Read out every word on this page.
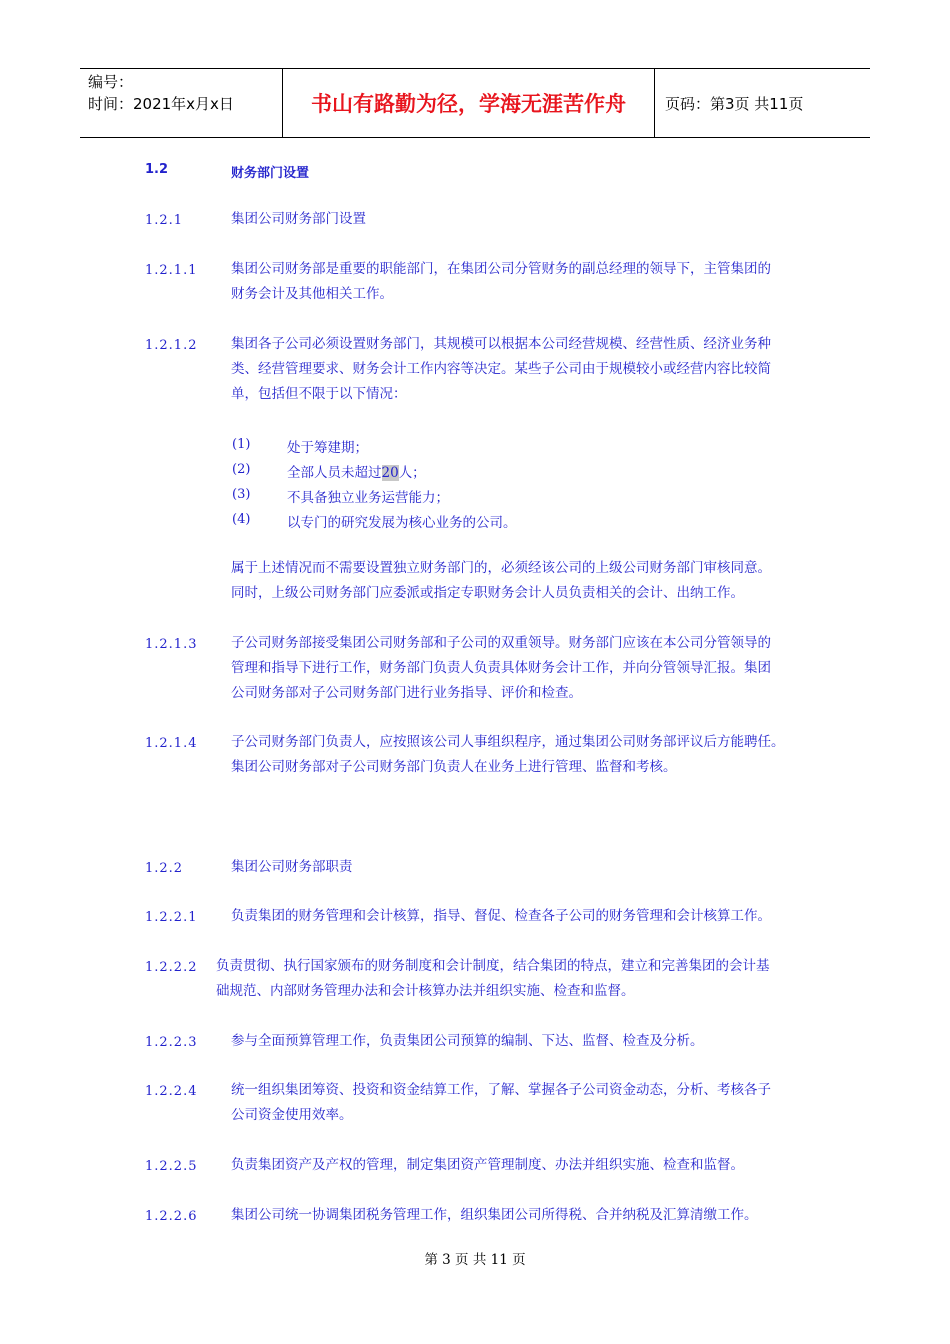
编号：
时间：2021年x月x日	书山有路勤为径，学海无涯苦作舟	页码：第3页 共11页
1.2	财务部门设置
1.2.1	集团公司财务部门设置
1.2.1.1 集团公司财务部是重要的职能部门，在集团公司分管财务的副总经理的领导下，主管集团的
财务会计及其他相关工作。
1.2.1.2 集团各子公司必须设置财务部门，其规模可以根据本公司经营规模、经营性质、经济业务种
类、经营管理要求、财务会计工作内容等决定。某些子公司由于规模较小或经营内容比较简
单，包括但不限于以下情况：
(1)	处于筹建期；
(2)	全部人员未超过20人；
(3)	不具备独立业务运营能力；
(4)	以专门的研究发展为核心业务的公司。
属于上述情况而不需要设置独立财务部门的，必须经该公司的上级公司财务部门审核同意。
同时，上级公司财务部门应委派或指定专职财务会计人员负责相关的会计、出纳工作。
1.2.1.3 子公司财务部接受集团公司财务部和子公司的双重领导。财务部门应该在本公司分管领导的
管理和指导下进行工作，财务部门负责人负责具体财务会计工作，并向分管领导汇报。集团
公司财务部对子公司财务部门进行业务指导、评价和检查。
1.2.1.4 子公司财务部门负责人，应按照该公司人事组织程序，通过集团公司财务部评议后方能聘任。
集团公司财务部对子公司财务部门负责人在业务上进行管理、监督和考核。
1.2.2	集团公司财务部职责
1.2.2.1 负责集团的财务管理和会计核算，指导、督促、检查各子公司的财务管理和会计核算工作。
1.2.2.2 负责贯彻、执行国家颁布的财务制度和会计制度，结合集团的特点，建立和完善集团的会计基
础规范、内部财务管理办法和会计核算办法并组织实施、检查和监督。
1.2.2.3 参与全面预算管理工作，负责集团公司预算的编制、下达、监督、检查及分析。
1.2.2.4 统一组织集团筹资、投资和资金结算工作，了解、掌握各子公司资金动态，分析、考核各子
公司资金使用效率。
1.2.2.5 负责集团资产及产权的管理，制定集团资产管理制度、办法并组织实施、检查和监督。
1.2.2.6 集团公司统一协调集团税务管理工作，组织集团公司所得税、合并纳税及汇算清缴工作。
第 3 页 共 11 页
